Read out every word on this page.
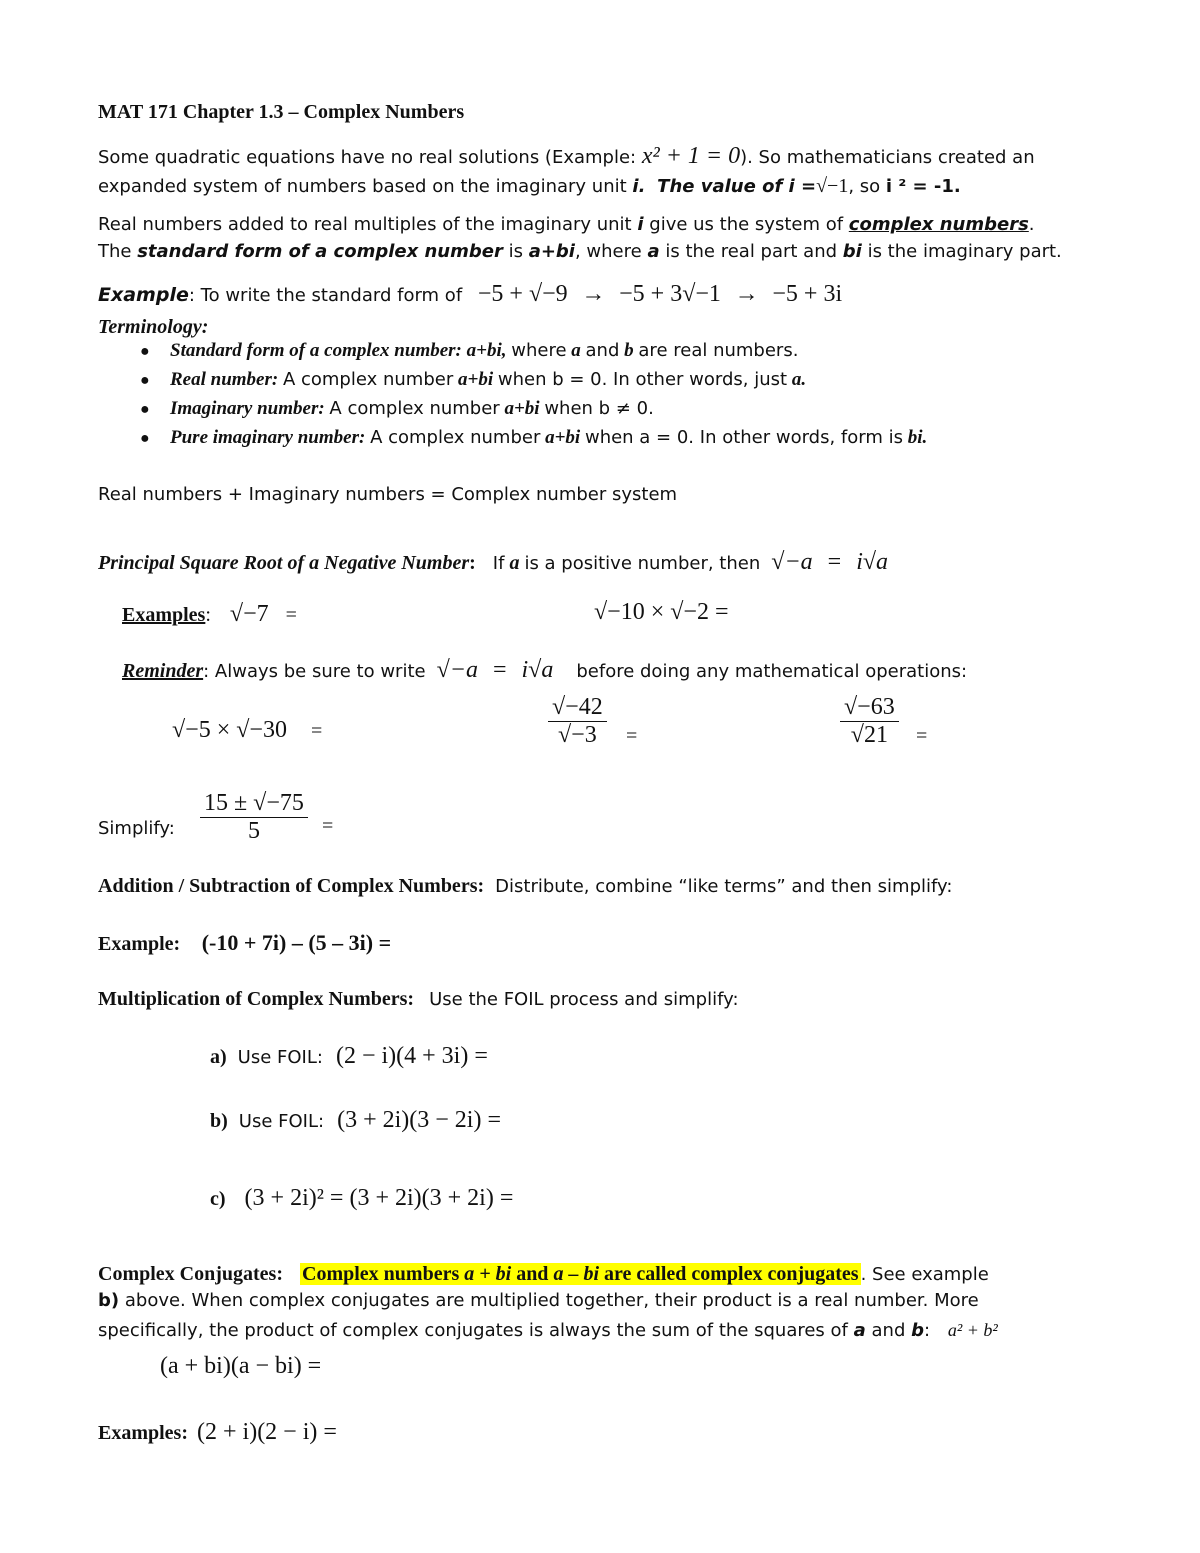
MAT 171 Chapter 1.3 – Complex Numbers
Some quadratic equations have no real solutions (Example: x² + 1 = 0). So mathematicians created an
expanded system of numbers based on the imaginary unit i. The value of i =√−1, so i ² = -1.
Real numbers added to real multiples of the imaginary unit i give us the system of complex numbers.
The standard form of a complex number is a+bi, where a is the real part and bi is the imaginary part.
Example: To write the standard form of −5 + √−9 → −5 + 3√−1 → −5 + 3i
Terminology:
● Standard form of a complex number: a+bi, where a and b are real numbers.
● Real number: A complex number a+bi when b = 0. In other words, just a.
● Imaginary number: A complex number a+bi when b ≠ 0.
● Pure imaginary number: A complex number a+bi when a = 0. In other words, form is bi.
Real numbers + Imaginary numbers = Complex number system
Principal Square Root of a Negative Number: If a is a positive number, then √−a = i√a
Examples: √−7 =	√−10 × √−2 =
Reminder: Always be sure to write √−a = i√a before doing any mathematical operations:
√−5 × √−30 =	$\frac{√-42}{√-3}$ =	$\frac{√-63}{√21}$ =
Simplify: $\frac{15 \pm √-75}{5}$ =
Addition / Subtraction of Complex Numbers: Distribute, combine “like terms” and then simplify:
Example: (-10 + 7i) – (5 – 3i) =
Multiplication of Complex Numbers: Use the FOIL process and simplify:
a) Use FOIL: (2 − i)(4 + 3i) =
b) Use FOIL: (3 + 2i)(3 − 2i) =
c) (3 + 2i)² = (3 + 2i)(3 + 2i) =
Complex Conjugates: Complex numbers a + bi and a – bi are called complex conjugates . See example
b) above. When complex conjugates are multiplied together, their product is a real number. More
specifically, the product of complex conjugates is always the sum of the squares of a and b: a² + b²
(a + bi)(a − bi) =
Examples: (2 + i)(2 − i) =
